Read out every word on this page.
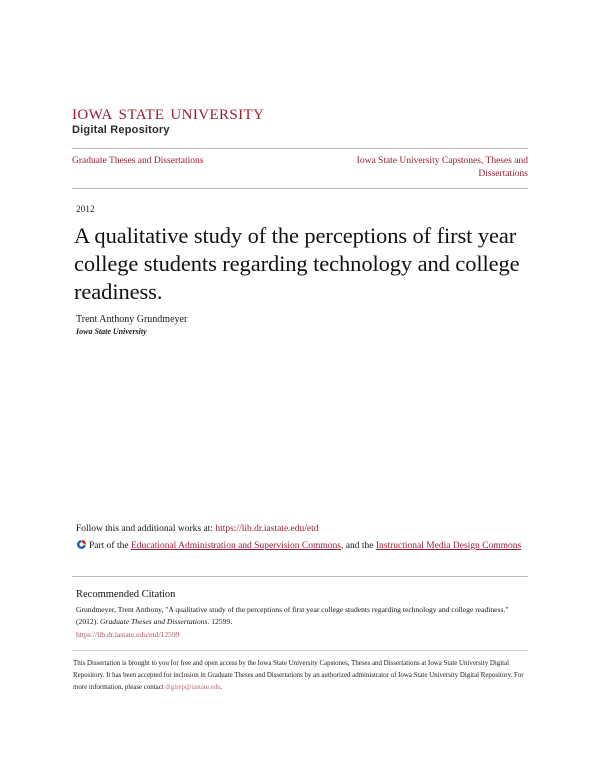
iowa state university
Digital Repository
Graduate Theses and Dissertations	Iowa State University Capstones, Theses and Dissertations
2012
A qualitative study of the perceptions of first year college students regarding technology and college readiness.
Trent Anthony Grundmeyer
Iowa State University
Follow this and additional works at: https://lib.dr.iastate.edu/etd
Part of the Educational Administration and Supervision Commons, and the Instructional Media Design Commons
Recommended Citation
Grundmeyer, Trent Anthony, "A qualitative study of the perceptions of first year college students regarding technology and college readiness." (2012). Graduate Theses and Dissertations. 12599.
https://lib.dr.iastate.edu/etd/12599
This Dissertation is brought to you for free and open access by the Iowa State University Capstones, Theses and Dissertations at Iowa State University Digital Repository. It has been accepted for inclusion in Graduate Theses and Dissertations by an authorized administrator of Iowa State University Digital Repository. For more information, please contact digirep@iastate.edu.
